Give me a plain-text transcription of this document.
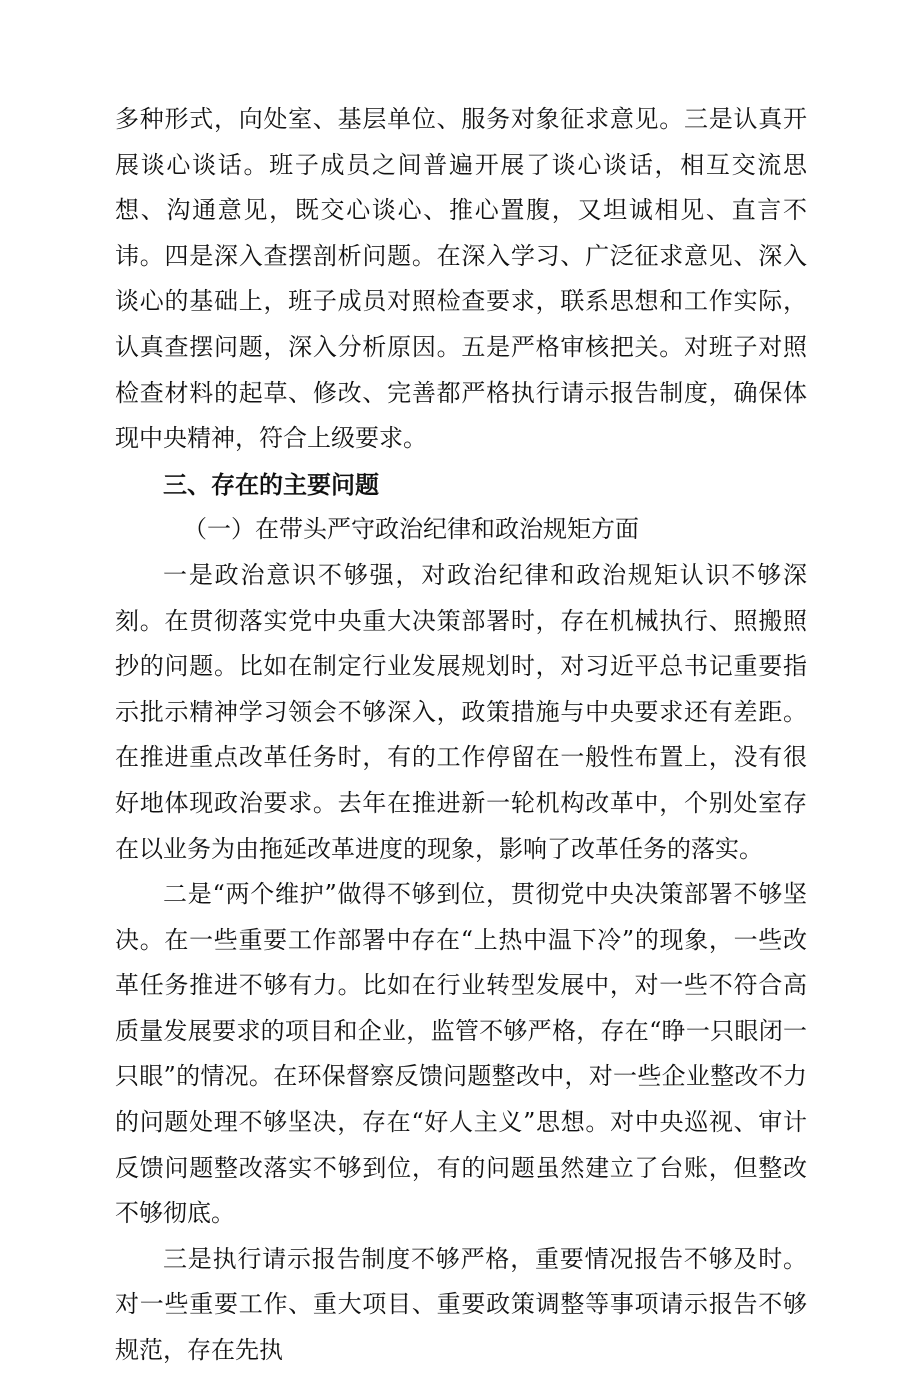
多种形式，向处室、基层单位、服务对象征求意见。三是认真开展谈心谈话。班子成员之间普遍开展了谈心谈话，相互交流思想、沟通意见，既交心谈心、推心置腹，又坦诚相见、直言不讳。四是深入查摆剖析问题。在深入学习、广泛征求意见、深入谈心的基础上，班子成员对照检查要求，联系思想和工作实际，认真查摆问题，深入分析原因。五是严格审核把关。对班子对照检查材料的起草、修改、完善都严格执行请示报告制度，确保体现中央精神，符合上级要求。

三、存在的主要问题

（一）在带头严守政治纪律和政治规矩方面

一是政治意识不够强，对政治纪律和政治规矩认识不够深刻。在贯彻落实党中央重大决策部署时，存在机械执行、照搬照抄的问题。比如在制定行业发展规划时，对习近平总书记重要指示批示精神学习领会不够深入，政策措施与中央要求还有差距。在推进重点改革任务时，有的工作停留在一般性布置上，没有很好地体现政治要求。去年在推进新一轮机构改革中，个别处室存在以业务为由拖延改革进度的现象，影响了改革任务的落实。

二是“两个维护”做得不够到位，贯彻党中央决策部署不够坚决。在一些重要工作部署中存在“上热中温下冷”的现象，一些改革任务推进不够有力。比如在行业转型发展中，对一些不符合高质量发展要求的项目和企业，监管不够严格，存在“睁一只眼闭一只眼”的情况。在环保督察反馈问题整改中，对一些企业整改不力的问题处理不够坚决，存在“好人主义”思想。对中央巡视、审计反馈问题整改落实不够到位，有的问题虽然建立了台账，但整改不够彻底。

三是执行请示报告制度不够严格，重要情况报告不够及时。对一些重要工作、重大项目、重要政策调整等事项请示报告不够规范，存在先执
